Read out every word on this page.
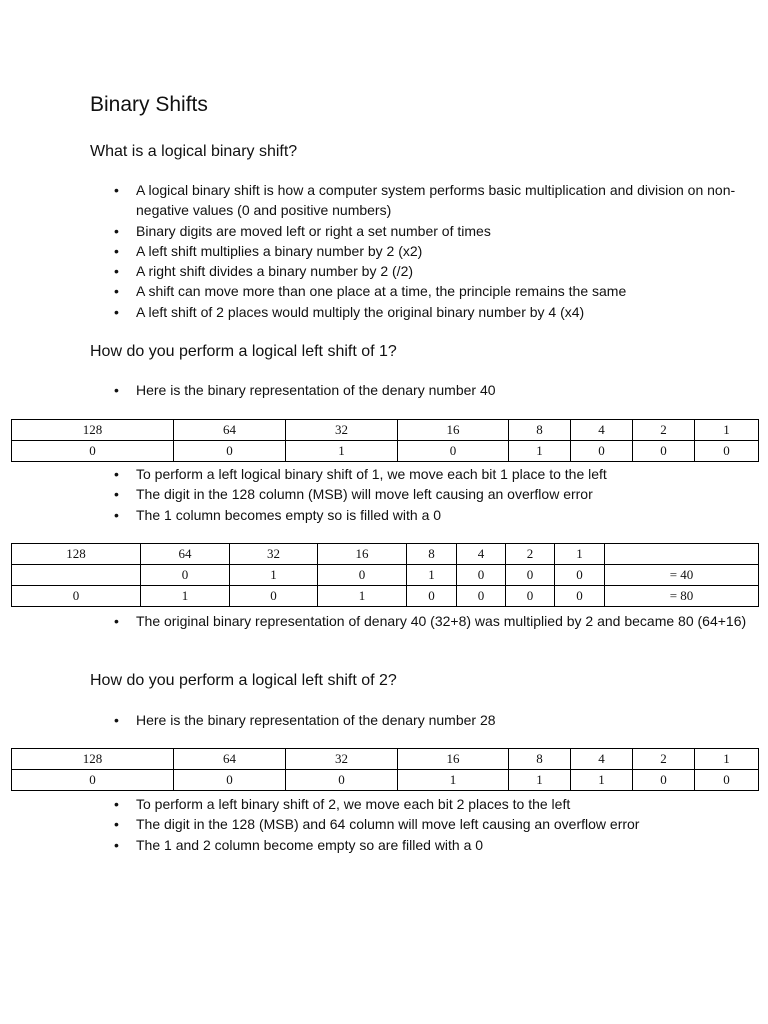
Binary Shifts
What is a logical binary shift?
• A logical binary shift is how a computer system performs basic multiplication and division on non-negative values (0 and positive numbers)
• Binary digits are moved left or right a set number of times
• A left shift multiplies a binary number by 2 (x2)
• A right shift divides a binary number by 2 (/2)
• A shift can move more than one place at a time, the principle remains the same
• A left shift of 2 places would multiply the original binary number by 4 (x4)
How do you perform a logical left shift of 1?
• Here is the binary representation of the denary number 40
128	64	32	16	8	4	2	1
0	0	1	0	1	0	0	0
• To perform a left logical binary shift of 1, we move each bit 1 place to the left
• The digit in the 128 column (MSB) will move left causing an overflow error
• The 1 column becomes empty so is filled with a 0
128	64	32	16	8	4	2	1	
	0	1	0	1	0	0	0	= 40
0	1	0	1	0	0	0	0	= 80
• The original binary representation of denary 40 (32+8) was multiplied by 2 and became 80 (64+16)
How do you perform a logical left shift of 2?
• Here is the binary representation of the denary number 28
128	64	32	16	8	4	2	1
0	0	0	1	1	1	0	0
• To perform a left binary shift of 2, we move each bit 2 places to the left
• The digit in the 128 (MSB) and 64 column will move left causing an overflow error
• The 1 and 2 column become empty so are filled with a 0
